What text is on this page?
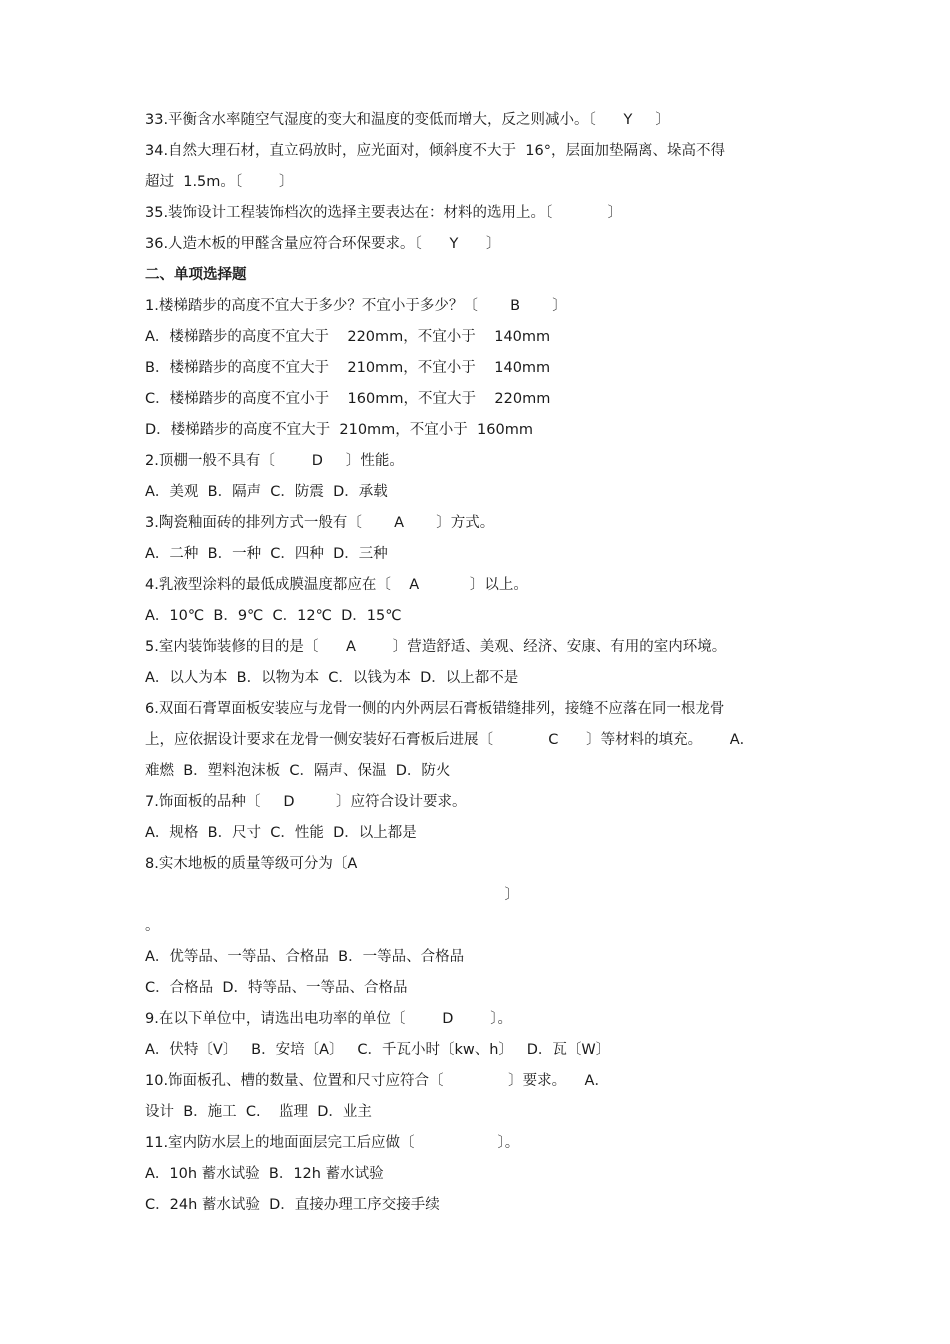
33.平衡含水率随空气湿度的变大和温度的变低而增大，反之则减小。〔      Y     〕
34.自然大理石材，直立码放时，应光面对，倾斜度不大于  16°，层面加垫隔离、垛高不得
超过  1.5m。〔        〕
35.装饰设计工程装饰档次的选择主要表达在：材料的选用上。〔            〕
36.人造木板的甲醛含量应符合环保要求。〔      Y      〕
二、单项选择题
1.楼梯踏步的高度不宜大于多少？不宜小于多少？〔       B       〕
A．楼梯踏步的高度不宜大于    220mm，不宜小于    140mm
B．楼梯踏步的高度不宜大于    210mm，不宜小于    140mm
C．楼梯踏步的高度不宜小于    160mm，不宜大于    220mm
D．楼梯踏步的高度不宜大于  210mm，不宜小于  160mm
2.顶棚一般不具有〔        D     〕性能。
A．美观  B．隔声  C．防震  D．承载
3.陶瓷釉面砖的排列方式一般有〔       A       〕方式。
A．二种  B．一种  C．四种  D．三种
4.乳液型涂料的最低成膜温度都应在〔    A           〕以上。
A．10℃  B．9℃  C．12℃  D．15℃
5.室内装饰装修的目的是〔      A        〕营造舒适、美观、经济、安康、有用的室内环境。
A．以人为本  B．以物为本  C．以钱为本  D．以上都不是
6.双面石膏罩面板安装应与龙骨一侧的内外两层石膏板错缝排列，接缝不应落在同一根龙骨
上，应依据设计要求在龙骨一侧安装好石膏板后进展〔            C      〕等材料的填充。      A．
难燃  B．塑料泡沫板  C．隔声、保温  D．防火
7.饰面板的品种〔     D         〕应符合设计要求。
A．规格  B．尺寸  C．性能  D．以上都是
8.实木地板的质量等级可分为〔A
〕
。
A．优等品、一等品、合格品  B．一等品、合格品
C．合格品  D．特等品、一等品、合格品
9.在以下单位中，请选出电功率的单位〔        D        〕。
A．伏特〔V〕   B．安培〔A〕   C．千瓦小时〔kw、h〕   D．瓦〔W〕
10.饰面板孔、槽的数量、位置和尺寸应符合〔              〕要求。    A．
设计  B．施工  C.    监理  D．业主
11.室内防水层上的地面面层完工后应做〔                  〕。
A．10h 蓄水试验  B．12h 蓄水试验
C．24h 蓄水试验  D．直接办理工序交接手续
